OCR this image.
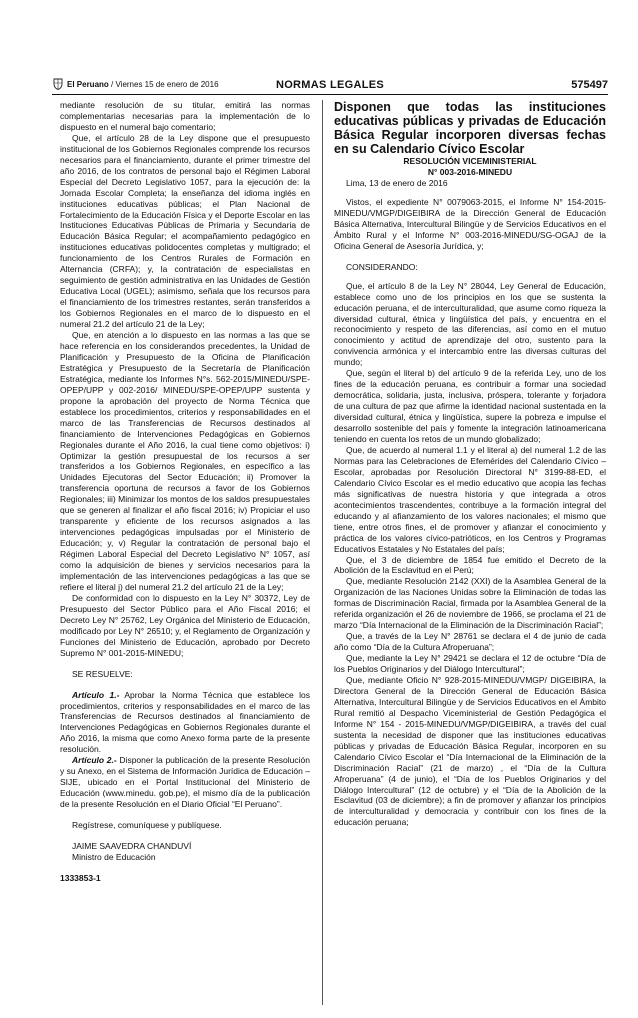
El Peruano / Viernes 15 de enero de 2016	NORMAS LEGALES	575497

mediante resolución de su titular, emitirá las normas complementarias necesarias para la implementación de lo dispuesto en el numeral bajo comentario;

Que, el artículo 28 de la Ley dispone que el presupuesto institucional de los Gobiernos Regionales comprende los recursos necesarios para el financiamiento, durante el primer trimestre del año 2016, de los contratos de personal bajo el Régimen Laboral Especial del Decreto Legislativo 1057, para la ejecución de: la Jornada Escolar Completa; la enseñanza del idioma inglés en instituciones educativas públicas; el Plan Nacional de Fortalecimiento de la Educación Física y el Deporte Escolar en las Instituciones Educativas Públicas de Primaria y Secundaria de Educación Básica Regular; el acompañamiento pedagógico en instituciones educativas polidocentes completas y multigrado; el funcionamiento de los Centros Rurales de Formación en Alternancia (CRFA); y, la contratación de especialistas en seguimiento de gestión administrativa en las Unidades de Gestión Educativa Local (UGEL); asimismo, señala que los recursos para el financiamiento de los trimestres restantes, serán transferidos a los Gobiernos Regionales en el marco de lo dispuesto en el numeral 21.2 del artículo 21 de la Ley;

Que, en atención a lo dispuesto en las normas a las que se hace referencia en los considerandos precedentes, la Unidad de Planificación y Presupuesto de la Oficina de Planificación Estratégica y Presupuesto de la Secretaría de Planificación Estratégica, mediante los Informes N°s. 562-2015/MINEDU/SPE-OPEP/UPP y 002-2016/ MINEDU/SPE-OPEP/UPP sustenta y propone la aprobación del proyecto de Norma Técnica que establece los procedimientos, criterios y responsabilidades en el marco de las Transferencias de Recursos destinados al financiamiento de Intervenciones Pedagógicas en Gobiernos Regionales durante el Año 2016, la cual tiene como objetivos: i) Optimizar la gestión presupuestal de los recursos a ser transferidos a los Gobiernos Regionales, en específico a las Unidades Ejecutoras del Sector Educación; ii) Promover la transferencia oportuna de recursos a favor de los Gobiernos Regionales; iii) Minimizar los montos de los saldos presupuestales que se generen al finalizar el año fiscal 2016; iv) Propiciar el uso transparente y eficiente de los recursos asignados a las intervenciones pedagógicas impulsadas por el Ministerio de Educación; y, v) Regular la contratación de personal bajo el Régimen Laboral Especial del Decreto Legislativo N° 1057, así como la adquisición de bienes y servicios necesarios para la implementación de las intervenciones pedagógicas a las que se refiere el literal j) del numeral 21.2 del artículo 21 de la Ley;

De conformidad con lo dispuesto en la Ley N° 30372, Ley de Presupuesto del Sector Público para el Año Fiscal 2016; el Decreto Ley N° 25762, Ley Orgánica del Ministerio de Educación, modificado por Ley N° 26510; y, el Reglamento de Organización y Funciones del Ministerio de Educación, aprobado por Decreto Supremo N° 001-2015-MINEDU;

SE RESUELVE:

Artículo 1.- Aprobar la Norma Técnica que establece los procedimientos, criterios y responsabilidades en el marco de las Transferencias de Recursos destinados al financiamiento de Intervenciones Pedagógicas en Gobiernos Regionales durante el Año 2016, la misma que como Anexo forma parte de la presente resolución.

Artículo 2.- Disponer la publicación de la presente Resolución y su Anexo, en el Sistema de Información Jurídica de Educación – SIJE, ubicado en el Portal Institucional del Ministerio de Educación (www.minedu. gob.pe), el mismo día de la publicación de la presente Resolución en el Diario Oficial “El Peruano”.

Regístrese, comuníquese y publíquese.

JAIME SAAVEDRA CHANDUVÍ

Ministro de Educación

1333853-1

Disponen que todas las instituciones educativas públicas y privadas de Educación Básica Regular incorporen diversas fechas en su Calendario Cívico Escolar

RESOLUCIÓN VICEMINISTERIAL
N° 003-2016-MINEDU

Lima, 13 de enero de 2016

Vistos, el expediente N° 0079063-2015, el Informe N° 154-2015-MINEDU/VMGP/DIGEIBIRA de la Dirección General de Educación Básica Alternativa, Intercultural Bilingüe y de Servicios Educativos en el Ámbito Rural y el Informe N° 003-2016-MINEDU/SG-OGAJ de la Oficina General de Asesoría Jurídica, y;

CONSIDERANDO:

Que, el artículo 8 de la Ley N° 28044, Ley General de Educación, establece como uno de los principios en los que se sustenta la educación peruana, el de interculturalidad, que asume como riqueza la diversidad cultural, étnica y lingüística del país, y encuentra en el reconocimiento y respeto de las diferencias, así como en el mutuo conocimiento y actitud de aprendizaje del otro, sustento para la convivencia armónica y el intercambio entre las diversas culturas del mundo;

Que, según el literal b) del artículo 9 de la referida Ley, uno de los fines de la educación peruana, es contribuir a formar una sociedad democrática, solidaria, justa, inclusiva, próspera, tolerante y forjadora de una cultura de paz que afirme la identidad nacional sustentada en la diversidad cultural, étnica y lingüística, supere la pobreza e impulse el desarrollo sostenible del país y fomente la integración latinoamericana teniendo en cuenta los retos de un mundo globalizado;

Que, de acuerdo al numeral 1.1 y el literal a) del numeral 1.2 de las Normas para las Celebraciones de Efemérides del Calendario Cívico – Escolar, aprobadas por Resolución Directoral N° 3199-88-ED, el Calendario Cívico Escolar es el medio educativo que acopia las fechas más significativas de nuestra historia y que integrada a otros acontecimientos trascendentes, contribuye a la formación integral del educando y al afianzamiento de los valores nacionales; el mismo que tiene, entre otros fines, el de promover y afianzar el conocimiento y práctica de los valores cívico-patrióticos, en los Centros y Programas Educativos Estatales y No Estatales del país;

Que, el 3 de diciembre de 1854 fue emitido el Decreto de la Abolición de la Esclavitud en el Perú;

Que, mediante Resolución 2142 (XXI) de la Asamblea General de la Organización de las Naciones Unidas sobre la Eliminación de todas las formas de Discriminación Racial, firmada por la Asamblea General de la referida organización el 26 de noviembre de 1966, se proclama el 21 de marzo “Día Internacional de la Eliminación de la Discriminación Racial”;

Que, a través de la Ley N° 28761 se declara el 4 de junio de cada año como “Día de la Cultura Afroperuana”;

Que, mediante la Ley N° 29421 se declara el 12 de octubre “Día de los Pueblos Originarios y del Diálogo Intercultural”;

Que, mediante Oficio N° 928-2015-MINEDU/VMGP/ DIGEIBIRA, la Directora General de la Dirección General de Educación Básica Alternativa, Intercultural Bilingüe y de Servicios Educativos en el Ámbito Rural remitió al Despacho Viceministerial de Gestión Pedagógica el Informe N° 154 - 2015-MINEDU/VMGP/DIGEIBIRA, a través del cual sustenta la necesidad de disponer que las instituciones educativas públicas y privadas de Educación Básica Regular, incorporen en su Calendario Cívico Escolar el “Día Internacional de la Eliminación de la Discriminación Racial” (21 de marzo) , el “Día de la Cultura Afroperuana” (4 de junio), el “Día de los Pueblos Originarios y del Diálogo Intercultural” (12 de octubre) y el “Día de la Abolición de la Esclavitud (03 de diciembre); a fin de promover y afianzar los principios de interculturalidad y democracia y contribuir con los fines de la educación peruana;
